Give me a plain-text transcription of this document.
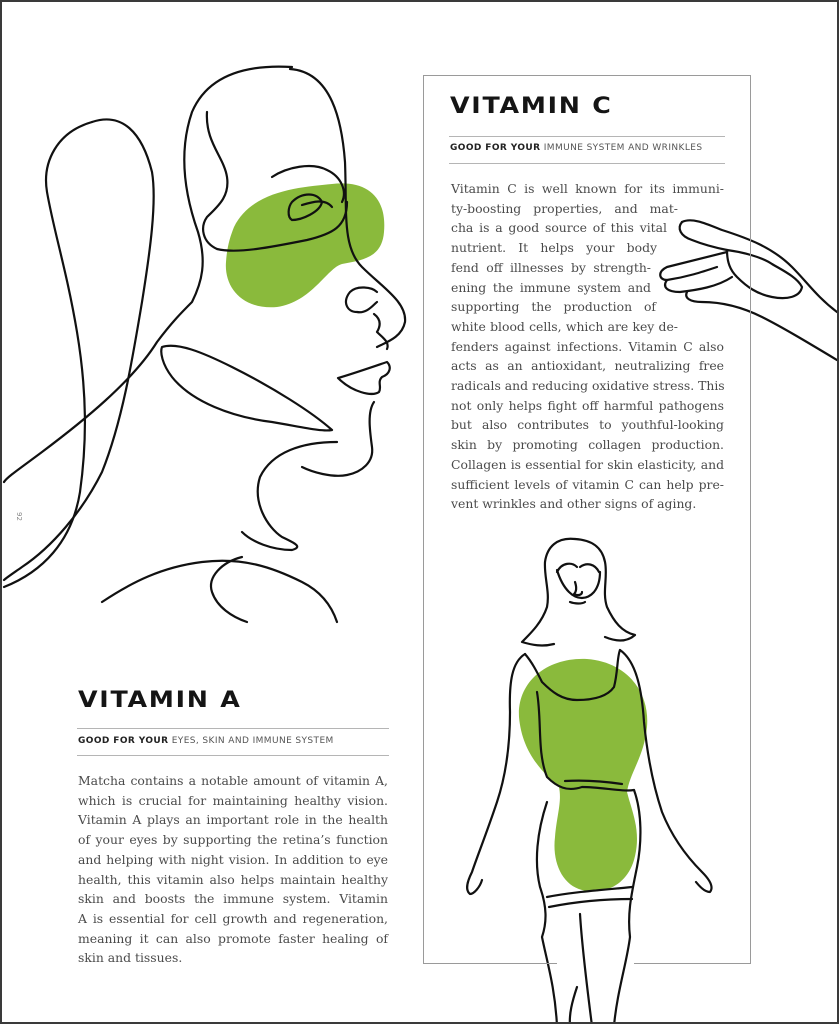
VITAMIN C
GOOD FOR YOUR IMMUNE SYSTEM AND WRINKLES
Vitamin C is well known for its immuni-
ty-boosting properties, and mat-
cha is a good source of this vital
nutrient. It helps your body
fend off illnesses by strength-
ening the immune system and
supporting the production of
white blood cells, which are key de-
fenders against infections. Vitamin C also
acts as an antioxidant, neutralizing free
radicals and reducing oxidative stress. This
not only helps fight off harmful pathogens
but also contributes to youthful-looking
skin by promoting collagen production.
Collagen is essential for skin elasticity, and
sufficient levels of vitamin C can help pre-
vent wrinkles and other signs of aging.
VITAMIN A
GOOD FOR YOUR EYES, SKIN AND IMMUNE SYSTEM
Matcha contains a notable amount of vitamin A,
which is crucial for maintaining healthy vision.
Vitamin A plays an important role in the health
of your eyes by supporting the retina’s function
and helping with night vision. In addition to eye
health, this vitamin also helps maintain healthy
skin and boosts the immune system. Vitamin
A is essential for cell growth and regeneration,
meaning it can also promote faster healing of
skin and tissues.
92
